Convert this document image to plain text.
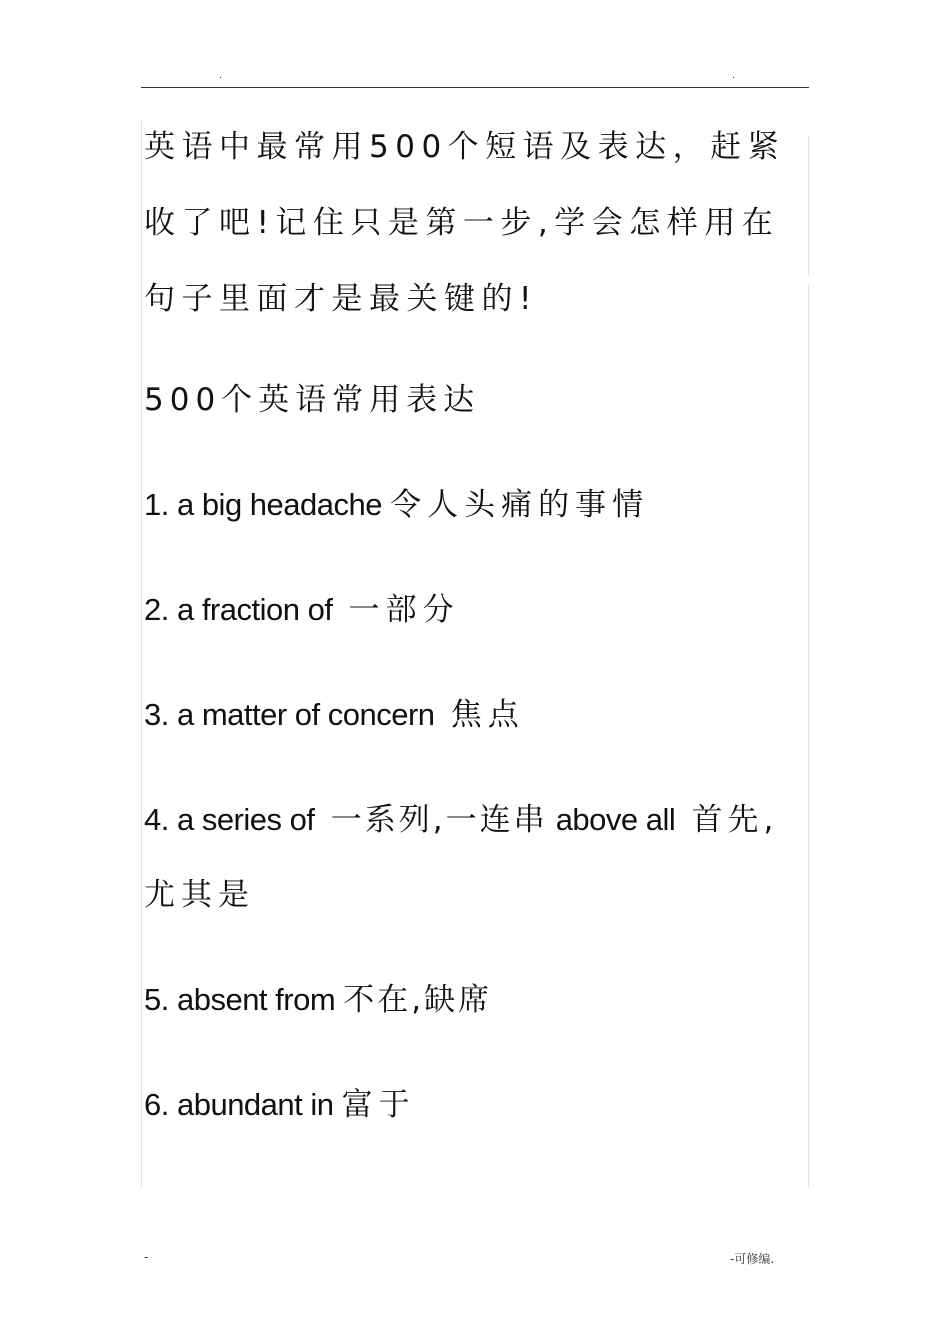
.	.

英语中最常用500个短语及表达，赶紧收了吧!记住只是第一步,学会怎样用在句子里面才是最关键的!

500个英语常用表达

1. a big headache 令人头痛的事情

2. a fraction of  一部分

3. a matter of concern  焦点

4. a series of  一系列,一连串 above all  首先,

尤其是

5. absent from 不在,缺席

6. abundant in 富于

-	-可修编.
